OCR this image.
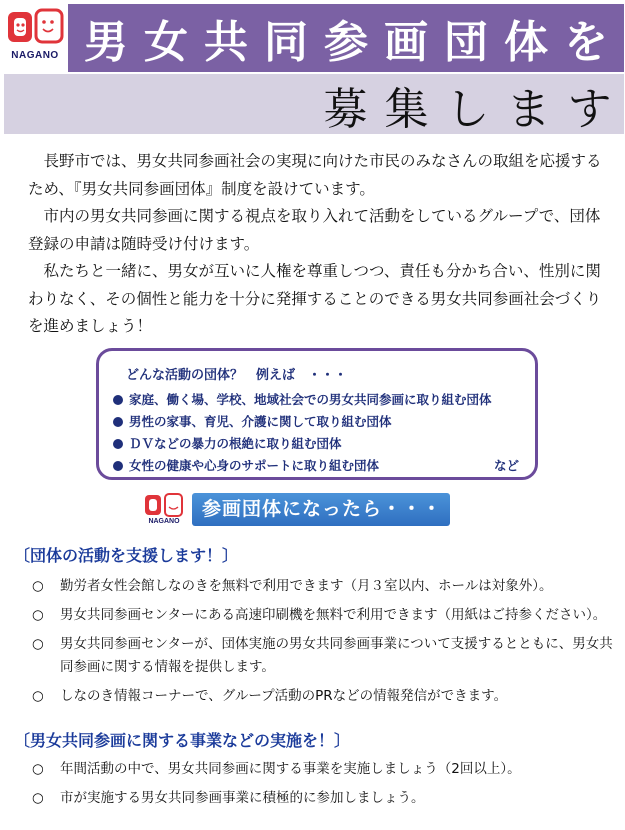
NAGANO 男 女 共 同 参 画 団 体 を
募 集 し ま す

長野市では、男女共同参画社会の実現に向けた市民のみなさんの取組を応援するため、『男女共同参画団体』制度を設けています。

市内の男女共同参画に関する視点を取り入れて活動をしているグループで、団体登録の申請は随時受け付けます。

私たちと一緒に、男女が互いに人権を尊重しつつ、責任も分かち合い、性別に関わりなく、その個性と能力を十分に発揮することのできる男女共同参画社会づくりを進めましょう！

どんな活動の団体？　例えば　・・・
家庭、働く場、学校、地域社会での男女共同参画に取り組む団体
男性の家事、育児、介護に関して取り組む団体
ＤＶなどの暴力の根絶に取り組む団体
女性の健康や心身のサポートに取り組む団体	など
NAGANO
参画団体になったら・・・
〔団体の活動を支援します！〕
○ 勤労者女性会館しなのきを無料で利用できます（月３室以内、ホールは対象外）。
○ 男女共同参画センターにある高速印刷機を無料で利用できます（用紙はご持参ください）。
○ 男女共同参画センターが、団体実施の男女共同参画事業について支援するとともに、男女共同参画に関する情報を提供します。
○ しなのき情報コーナーで、グループ活動のPRなどの情報発信ができます。
〔男女共同参画に関する事業などの実施を！〕
○ 年間活動の中で、男女共同参画に関する事業を実施しましょう（2回以上）。
○ 市が実施する男女共同参画事業に積極的に参加しましょう。
